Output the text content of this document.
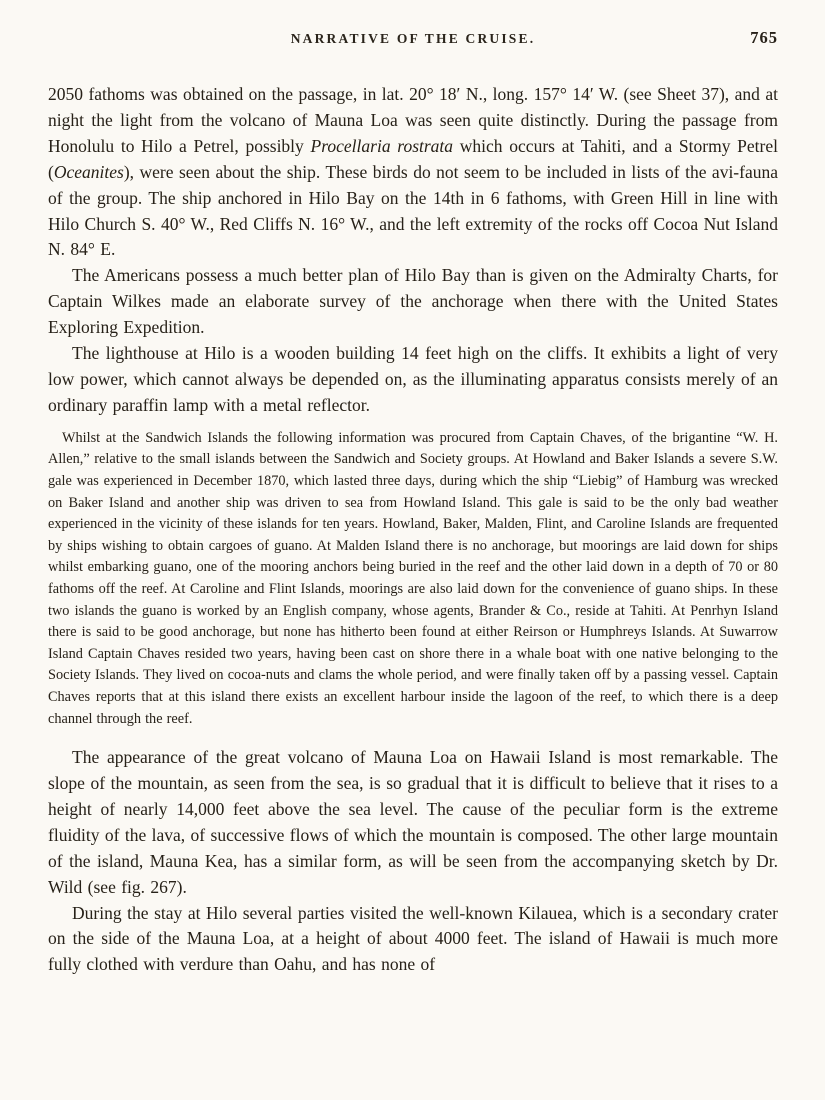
NARRATIVE OF THE CRUISE.	765

2050 fathoms was obtained on the passage, in lat. 20° 18′ N., long. 157° 14′ W. (see Sheet 37), and at night the light from the volcano of Mauna Loa was seen quite distinctly. During the passage from Honolulu to Hilo a Petrel, possibly Procellaria rostrata which occurs at Tahiti, and a Stormy Petrel (Oceanites), were seen about the ship. These birds do not seem to be included in lists of the avi-fauna of the group. The ship anchored in Hilo Bay on the 14th in 6 fathoms, with Green Hill in line with Hilo Church S. 40° W., Red Cliffs N. 16° W., and the left extremity of the rocks off Cocoa Nut Island N. 84° E.

The Americans possess a much better plan of Hilo Bay than is given on the Admiralty Charts, for Captain Wilkes made an elaborate survey of the anchorage when there with the United States Exploring Expedition.

The lighthouse at Hilo is a wooden building 14 feet high on the cliffs. It exhibits a light of very low power, which cannot always be depended on, as the illuminating apparatus consists merely of an ordinary paraffin lamp with a metal reflector.

Whilst at the Sandwich Islands the following information was procured from Captain Chaves, of the brigantine “W. H. Allen,” relative to the small islands between the Sandwich and Society groups. At Howland and Baker Islands a severe S.W. gale was experienced in December 1870, which lasted three days, during which the ship “Liebig” of Hamburg was wrecked on Baker Island and another ship was driven to sea from Howland Island. This gale is said to be the only bad weather experienced in the vicinity of these islands for ten years. Howland, Baker, Malden, Flint, and Caroline Islands are frequented by ships wishing to obtain cargoes of guano. At Malden Island there is no anchorage, but moorings are laid down for ships whilst embarking guano, one of the mooring anchors being buried in the reef and the other laid down in a depth of 70 or 80 fathoms off the reef. At Caroline and Flint Islands, moorings are also laid down for the convenience of guano ships. In these two islands the guano is worked by an English company, whose agents, Brander & Co., reside at Tahiti. At Penrhyn Island there is said to be good anchorage, but none has hitherto been found at either Reirson or Humphreys Islands. At Suwarrow Island Captain Chaves resided two years, having been cast on shore there in a whale boat with one native belonging to the Society Islands. They lived on cocoa-nuts and clams the whole period, and were finally taken off by a passing vessel. Captain Chaves reports that at this island there exists an excellent harbour inside the lagoon of the reef, to which there is a deep channel through the reef.

The appearance of the great volcano of Mauna Loa on Hawaii Island is most remarkable. The slope of the mountain, as seen from the sea, is so gradual that it is difficult to believe that it rises to a height of nearly 14,000 feet above the sea level. The cause of the peculiar form is the extreme fluidity of the lava, of successive flows of which the mountain is composed. The other large mountain of the island, Mauna Kea, has a similar form, as will be seen from the accompanying sketch by Dr. Wild (see fig. 267).

During the stay at Hilo several parties visited the well-known Kilauea, which is a secondary crater on the side of the Mauna Loa, at a height of about 4000 feet. The island of Hawaii is much more fully clothed with verdure than Oahu, and has none of
